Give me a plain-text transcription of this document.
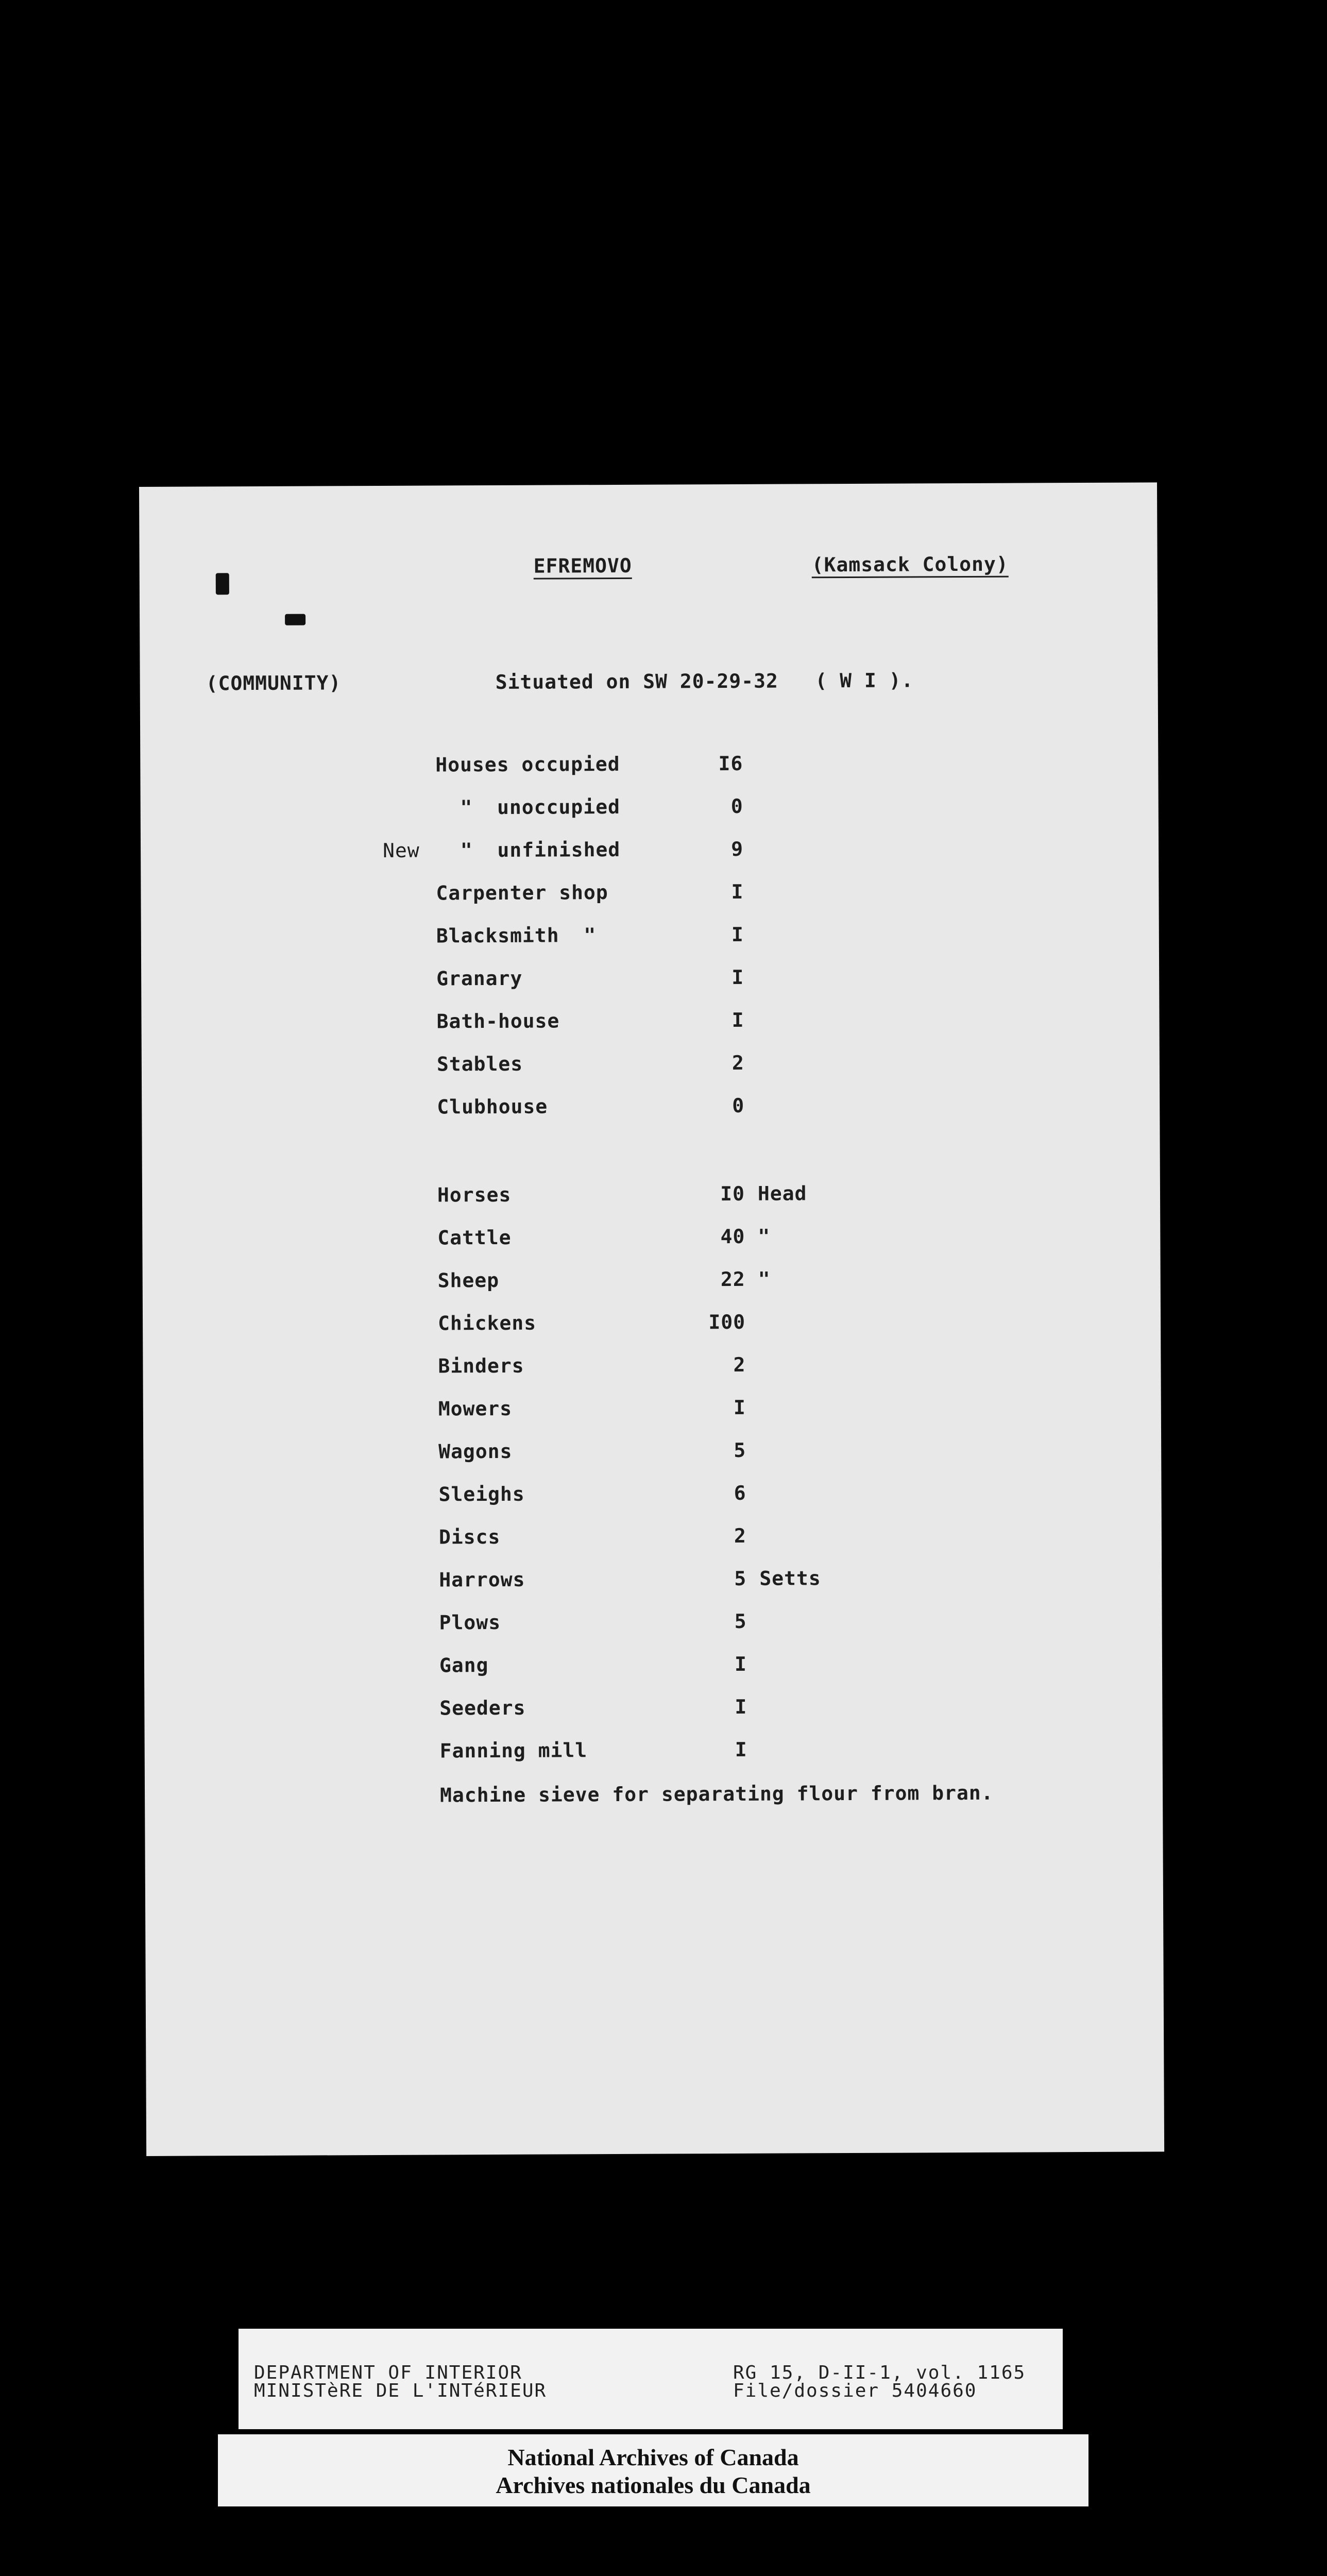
EFREMOVO	(Kamsack Colony)
(COMMUNITY)	Situated on SW 20-29-32   ( W I ).
Houses occupied	I6
"  unoccupied	0
New "  unfinished	9
Carpenter shop	I
Blacksmith  "	I
Granary	I
Bath-house	I
Stables	2
Clubhouse	0
Horses	I0 Head
Cattle	40 "
Sheep	22 "
Chickens	I00
Binders	2
Mowers	I
Wagons	5
Sleighs	6
Discs	2
Harrows	5 Setts
Plows	5
Gang	I
Seeders	I
Fanning mill	I
Machine sieve for separating flour from bran.
DEPARTMENT OF INTERIOR
MINISTèRE DE L'INTéRIEUR
RG 15, D-II-1, vol. 1165
File/dossier 5404660
National Archives of Canada
Archives nationales du Canada
